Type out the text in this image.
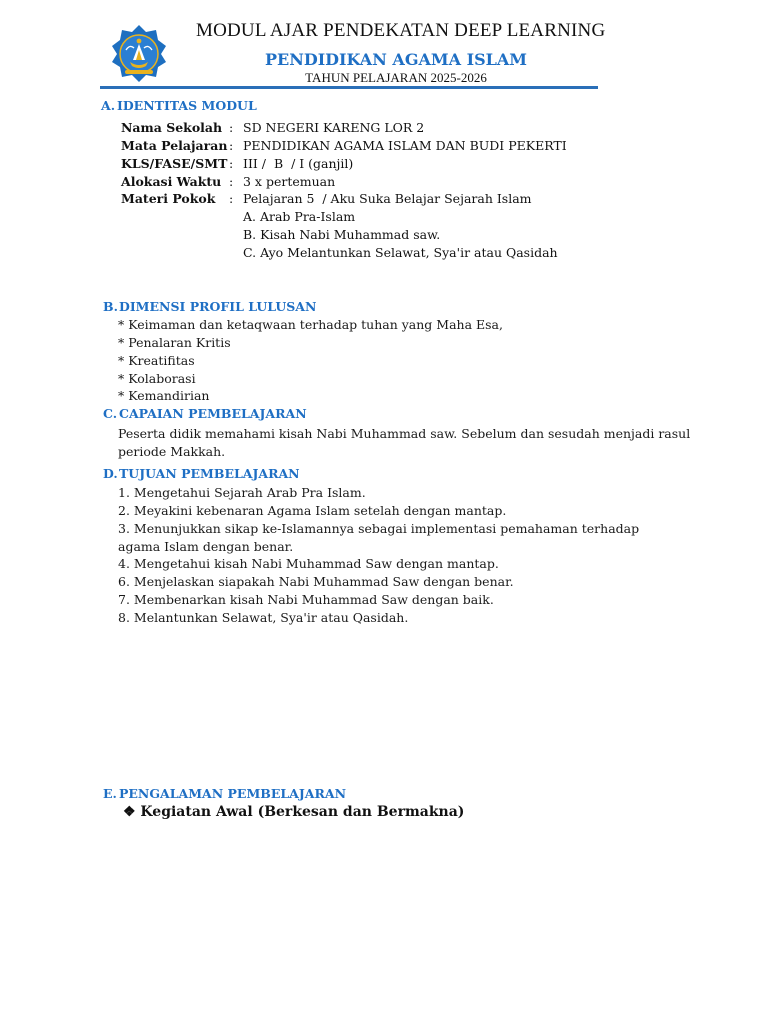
MODUL AJAR PENDEKATAN DEEP LEARNING
PENDIDIKAN AGAMA ISLAM
TAHUN PELAJARAN 2025-2026
A. IDENTITAS MODUL
Nama Sekolah : SD NEGERI KARENG LOR 2
Mata Pelajaran : PENDIDIKAN AGAMA ISLAM DAN BUDI PEKERTI
KLS/FASE/SMT : III /  B  / I (ganjil)
Alokasi Waktu : 3 x pertemuan
Materi Pokok : Pelajaran 5  / Aku Suka Belajar Sejarah Islam
A. Arab Pra-Islam
B. Kisah Nabi Muhammad saw.
C. Ayo Melantunkan Selawat, Sya'ir atau Qasidah
B.DIMENSI PROFIL LULUSAN
* Keimaman dan ketaqwaan terhadap tuhan yang Maha Esa,
* Penalaran Kritis
* Kreatifitas
* Kolaborasi
* Kemandirian
C. CAPAIAN PEMBELAJARAN
Peserta didik memahami kisah Nabi Muhammad saw. Sebelum dan sesudah menjadi rasul
periode Makkah.
D.TUJUAN PEMBELAJARAN
1. Mengetahui Sejarah Arab Pra Islam.
2. Meyakini kebenaran Agama Islam setelah dengan mantap.
3. Menunjukkan sikap ke-Islamannya sebagai implementasi pemahaman terhadap
agama Islam dengan benar.
4. Mengetahui kisah Nabi Muhammad Saw dengan mantap.
6. Menjelaskan siapakah Nabi Muhammad Saw dengan benar.
7. Membenarkan kisah Nabi Muhammad Saw dengan baik.
8. Melantunkan Selawat, Sya'ir atau Qasidah.
E. PENGALAMAN PEMBELAJARAN
❖ Kegiatan Awal (Berkesan dan Bermakna)
